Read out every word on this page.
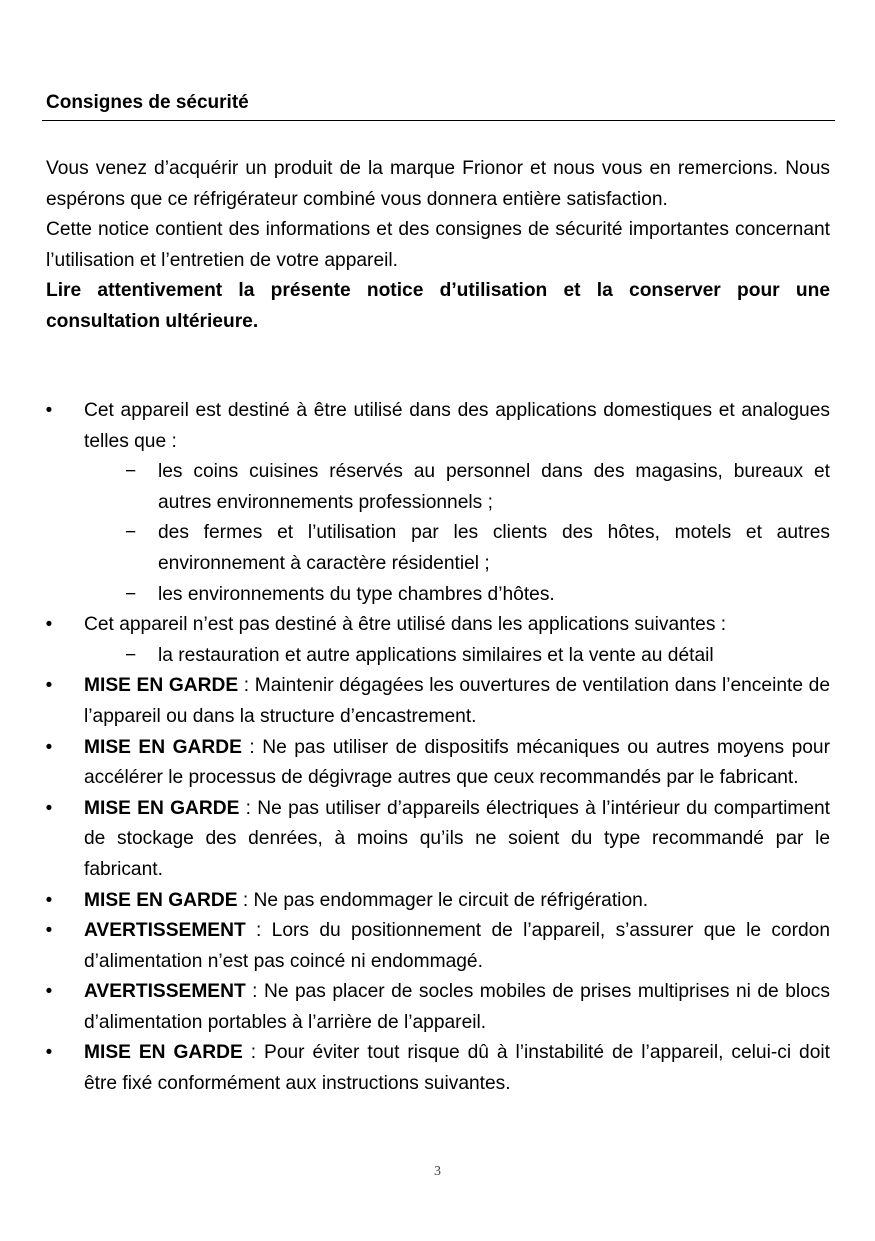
Consignes de sécurité

Vous venez d’acquérir un produit de la marque Frionor et nous vous en remercions. Nous espérons que ce réfrigérateur combiné vous donnera entière satisfaction.

Cette notice contient des informations et des consignes de sécurité importantes concernant l’utilisation et l’entretien de votre appareil.

Lire attentivement la présente notice d’utilisation et la conserver pour une consultation ultérieure.

• Cet appareil est destiné à être utilisé dans des applications domestiques et analogues telles que :
− les coins cuisines réservés au personnel dans des magasins, bureaux et autres environnements professionnels ;
− des fermes et l’utilisation par les clients des hôtes, motels et autres environnement à caractère résidentiel ;
− les environnements du type chambres d’hôtes.
• Cet appareil n’est pas destiné à être utilisé dans les applications suivantes :
− la restauration et autre applications similaires et la vente au détail
• MISE EN GARDE : Maintenir dégagées les ouvertures de ventilation dans l’enceinte de l’appareil ou dans la structure d’encastrement.
• MISE EN GARDE : Ne pas utiliser de dispositifs mécaniques ou autres moyens pour accélérer le processus de dégivrage autres que ceux recommandés par le fabricant.
• MISE EN GARDE : Ne pas utiliser d’appareils électriques à l’intérieur du compartiment de stockage des denrées, à moins qu’ils ne soient du type recommandé par le fabricant.
• MISE EN GARDE : Ne pas endommager le circuit de réfrigération.
• AVERTISSEMENT : Lors du positionnement de l’appareil, s’assurer que le cordon d’alimentation n’est pas coincé ni endommagé.
• AVERTISSEMENT : Ne pas placer de socles mobiles de prises multiprises ni de blocs d’alimentation portables à l’arrière de l’appareil.
• MISE EN GARDE : Pour éviter tout risque dû à l’instabilité de l’appareil, celui-ci doit être fixé conformément aux instructions suivantes.
3
